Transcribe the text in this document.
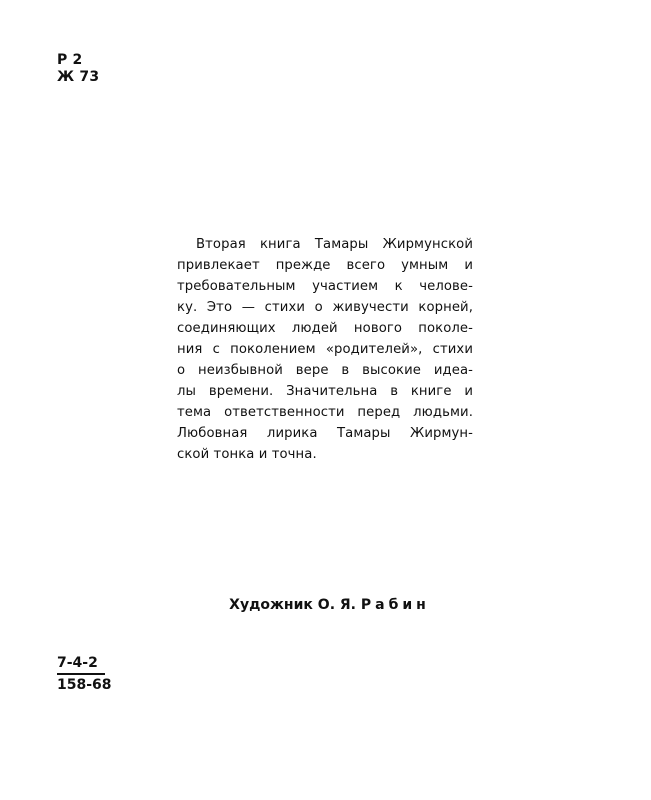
Р 2
Ж 73
Вторая книга Тамары Жирмунской
привлекает прежде всего умным и
требовательным участием к челове-
ку. Это — стихи о живучести корней,
соединяющих людей нового поколе-
ния с поколением «родителей», стихи
о неизбывной вере в высокие идеа-
лы времени. Значительна в книге и
тема ответственности перед людьми.
Любовная лирика Тамары Жирмун-
ской тонка и точна.
Художник О. Я. Рабин
7-4-2
158-68
